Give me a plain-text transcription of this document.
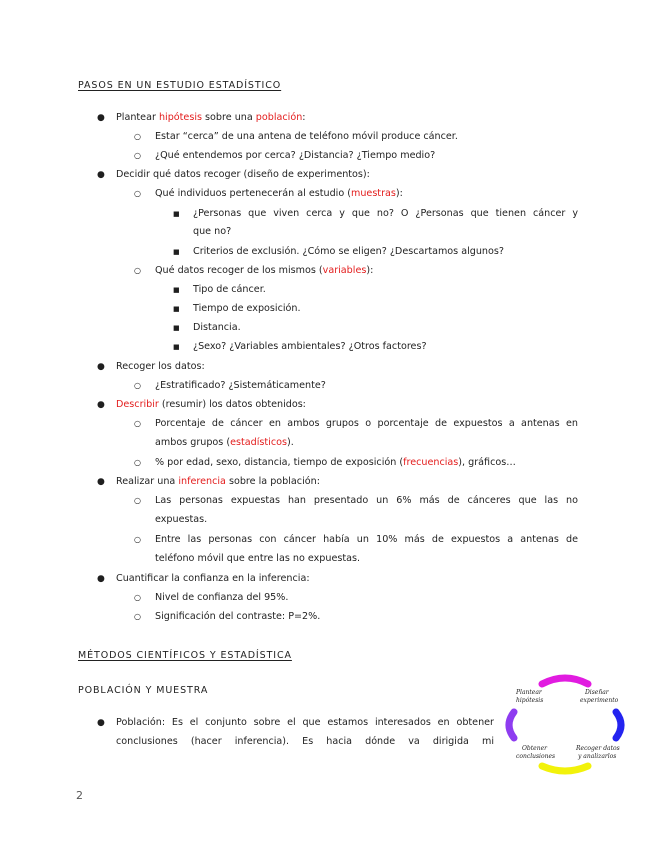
PASOS EN UN ESTUDIO ESTADÍSTICO
● Plantear hipótesis sobre una población:
○ Estar “cerca” de una antena de teléfono móvil produce cáncer.
○ ¿Qué entendemos por cerca? ¿Distancia? ¿Tiempo medio?
● Decidir qué datos recoger (diseño de experimentos):
○ Qué individuos pertenecerán al estudio (muestras):
■ ¿Personas que viven cerca y que no? O ¿Personas que tienen cáncer y
que no?
■ Criterios de exclusión. ¿Cómo se eligen? ¿Descartamos algunos?
○ Qué datos recoger de los mismos (variables):
■ Tipo de cáncer.
■ Tiempo de exposición.
■ Distancia.
■ ¿Sexo? ¿Variables ambientales? ¿Otros factores?
● Recoger los datos:
○ ¿Estratificado? ¿Sistemáticamente?
● Describir (resumir) los datos obtenidos:
○ Porcentaje de cáncer en ambos grupos o porcentaje de expuestos a antenas en
ambos grupos (estadísticos).
○ % por edad, sexo, distancia, tiempo de exposición (frecuencias), gráficos…
● Realizar una inferencia sobre la población:
○ Las personas expuestas han presentado un 6% más de cánceres que las no
expuestas.
○ Entre las personas con cáncer había un 10% más de expuestos a antenas de
teléfono móvil que entre las no expuestas.
● Cuantificar la confianza en la inferencia:
○ Nivel de confianza del 95%.
○ Significación del contraste: P=2%.
MÉTODOS CIENTÍFICOS Y ESTADÍSTICA
POBLACIÓN Y MUESTRA
● Población: Es el conjunto sobre el que estamos interesados en obtener
conclusiones (hacer inferencia). Es hacia dónde va dirigida mi
Plantear
hipótesis
Diseñar
experimento
Recoger datos
y analizarlos
Obtener
conclusiones
2
